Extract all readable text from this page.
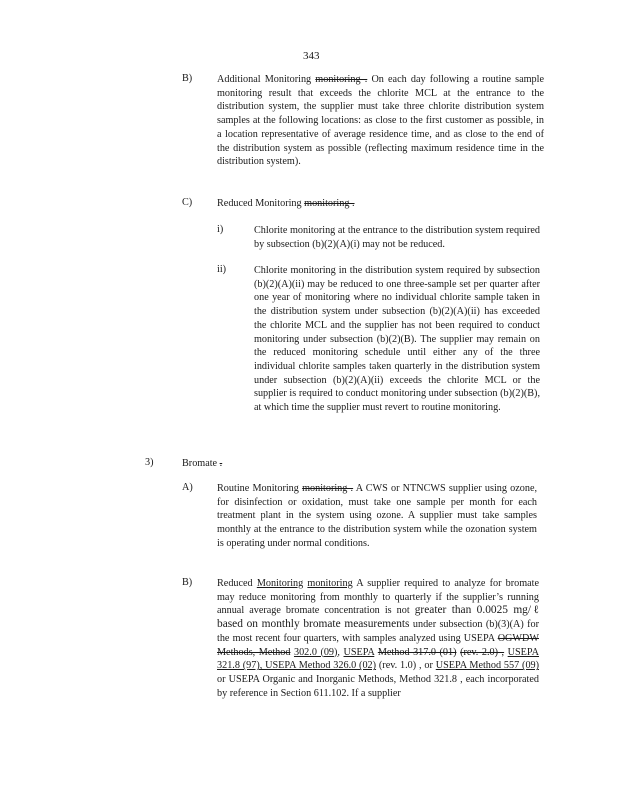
343
B) Additional Monitoring monitoring . On each day following a routine sample monitoring result that exceeds the chlorite MCL at the entrance to the distribution system, the supplier must take three chlorite distribution system samples at the following locations: as close to the first customer as possible, in a location representative of average residence time, and as close to the end of the distribution system as possible (reflecting maximum residence time in the distribution system).
C) Reduced Monitoring monitoring .
i)	Chlorite monitoring at the entrance to the distribution system required by subsection (b)(2)(A)(i) may not be reduced.
ii)	Chlorite monitoring in the distribution system required by subsection (b)(2)(A)(ii) may be reduced to one three-sample set per quarter after one year of monitoring where no individual chlorite sample taken in the distribution system under subsection (b)(2)(A)(ii) has exceeded the chlorite MCL and the supplier has not been required to conduct monitoring under subsection (b)(2)(B). The supplier may remain on the reduced monitoring schedule until either any of the three individual chlorite samples taken quarterly in the distribution system under subsection (b)(2)(A)(ii) exceeds the chlorite MCL or the supplier is required to conduct monitoring under subsection (b)(2)(B), at which time the supplier must revert to routine monitoring.
3)	Bromate .
A) Routine Monitoring monitoring . A CWS or NTNCWS supplier using ozone, for disinfection or oxidation, must take one sample per month for each treatment plant in the system using ozone. A supplier must take samples monthly at the entrance to the distribution system while the ozonation system is operating under normal conditions.
B) Reduced Monitoring monitoring A supplier required to analyze for bromate may reduce monitoring from monthly to quarterly if the supplier’s running annual average bromate concentration is not greater than 0.0025 mg/ℓ based on monthly bromate measurements under subsection (b)(3)(A) for the most recent four quarters, with samples analyzed using USEPA OGWDW Methods, Method 302.0 (09), USEPA Method 317.0 (01) (rev. 2.0) , USEPA 321.8 (97), USEPA Method 326.0 (02) (rev. 1.0) , or USEPA Method 557 (09) or USEPA Organic and Inorganic Methods, Method 321.8 , each incorporated by reference in Section 611.102. If a supplier
